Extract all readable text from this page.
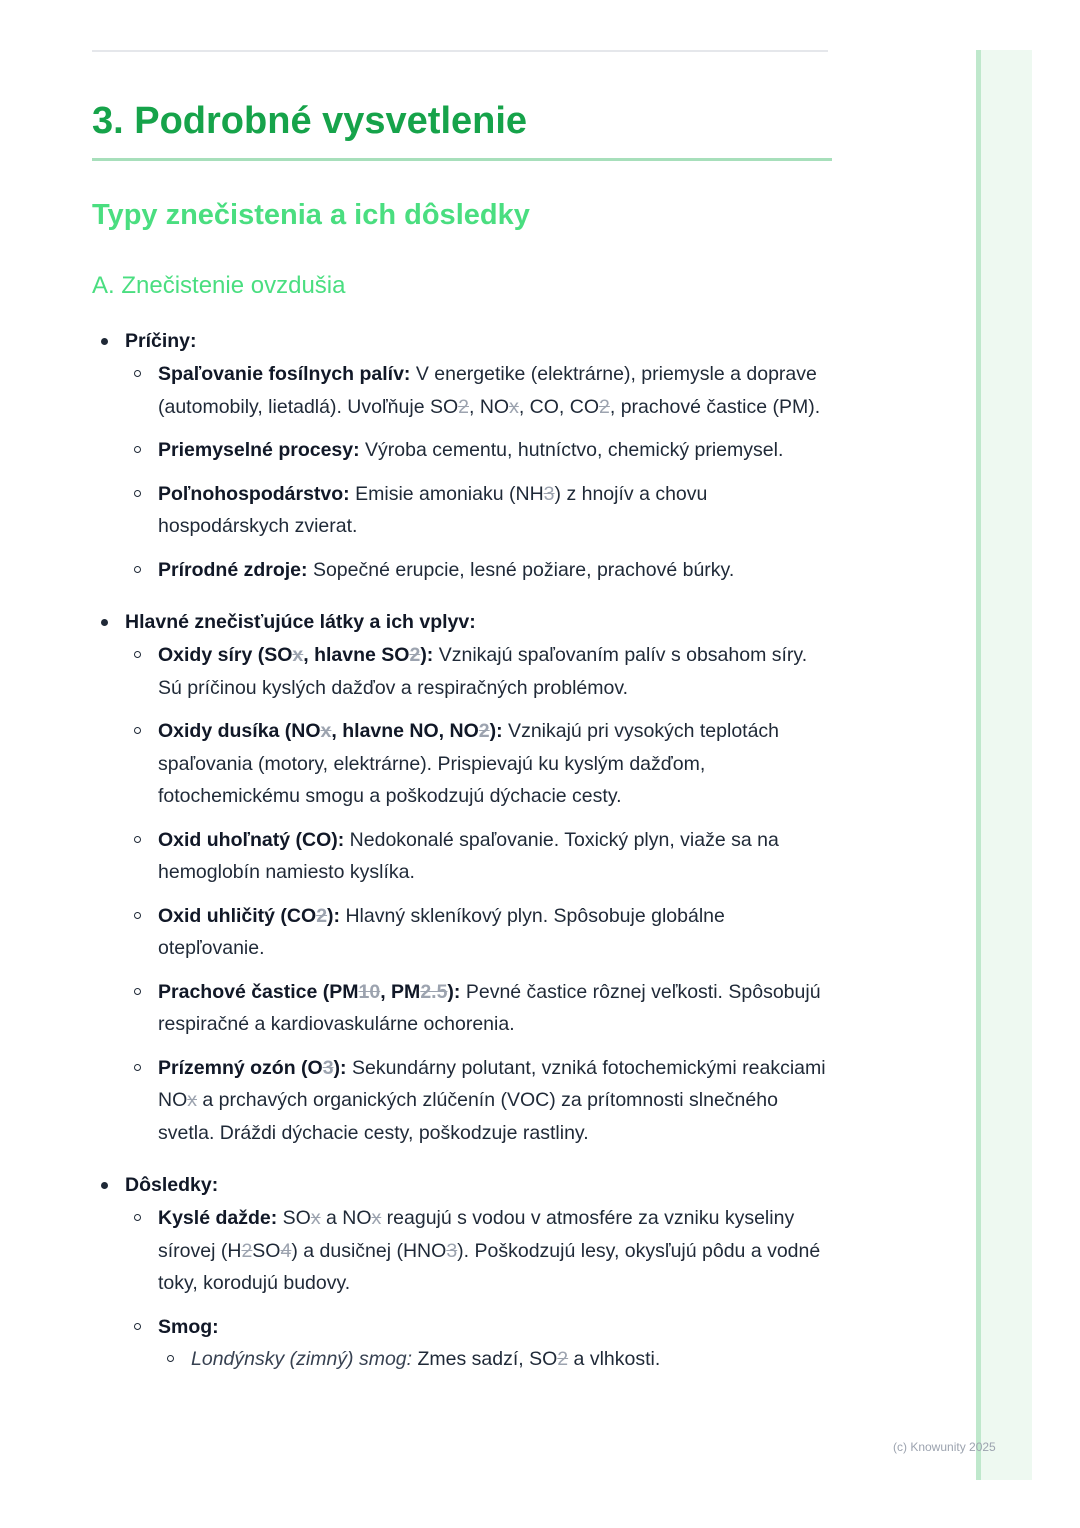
3. Podrobné vysvetlenie
Typy znečistenia a ich dôsledky
A. Znečistenie ovzdušia
Príčiny:
Spaľovanie fosílnych palív: V energetike (elektrárne), priemysle a doprave (automobily, lietadlá). Uvoľňuje SO2, NOx, CO, CO2, prachové častice (PM).
Priemyselné procesy: Výroba cementu, hutníctvo, chemický priemysel.
Poľnohospodárstvo: Emisie amoniaku (NH3) z hnojív a chovu hospodárskych zvierat.
Prírodné zdroje: Sopečné erupcie, lesné požiare, prachové búrky.
Hlavné znečisťujúce látky a ich vplyv:
Oxidy síry (SOx, hlavne SO2): Vznikajú spaľovaním palív s obsahom síry. Sú príčinou kyslých dažďov a respiračných problémov.
Oxidy dusíka (NOx, hlavne NO, NO2): Vznikajú pri vysokých teplotách spaľovania (motory, elektrárne). Prispievajú ku kyslým dažďom, fotochemickému smogu a poškodzujú dýchacie cesty.
Oxid uhoľnatý (CO): Nedokonalé spaľovanie. Toxický plyn, viaže sa na hemoglobín namiesto kyslíka.
Oxid uhličitý (CO2): Hlavný skleníkový plyn. Spôsobuje globálne otepľovanie.
Prachové častice (PM10, PM2.5): Pevné častice rôznej veľkosti. Spôsobujú respiračné a kardiovaskulárne ochorenia.
Prízemný ozón (O3): Sekundárny polutant, vzniká fotochemickými reakciami NOx a prchavých organických zlúčenín (VOC) za prítomnosti slnečného svetla. Dráždi dýchacie cesty, poškodzuje rastliny.
Dôsledky:
Kyslé dažde: SOx a NOx reagujú s vodou v atmosfére za vzniku kyseliny sírovej (H2SO4) a dusičnej (HNO3). Poškodzujú lesy, okysľujú pôdu a vodné toky, korodujú budovy.
Smog:
Londýnsky (zimný) smog: Zmes sadzí, SO2 a vlhkosti.
(c) Knowunity 2025
